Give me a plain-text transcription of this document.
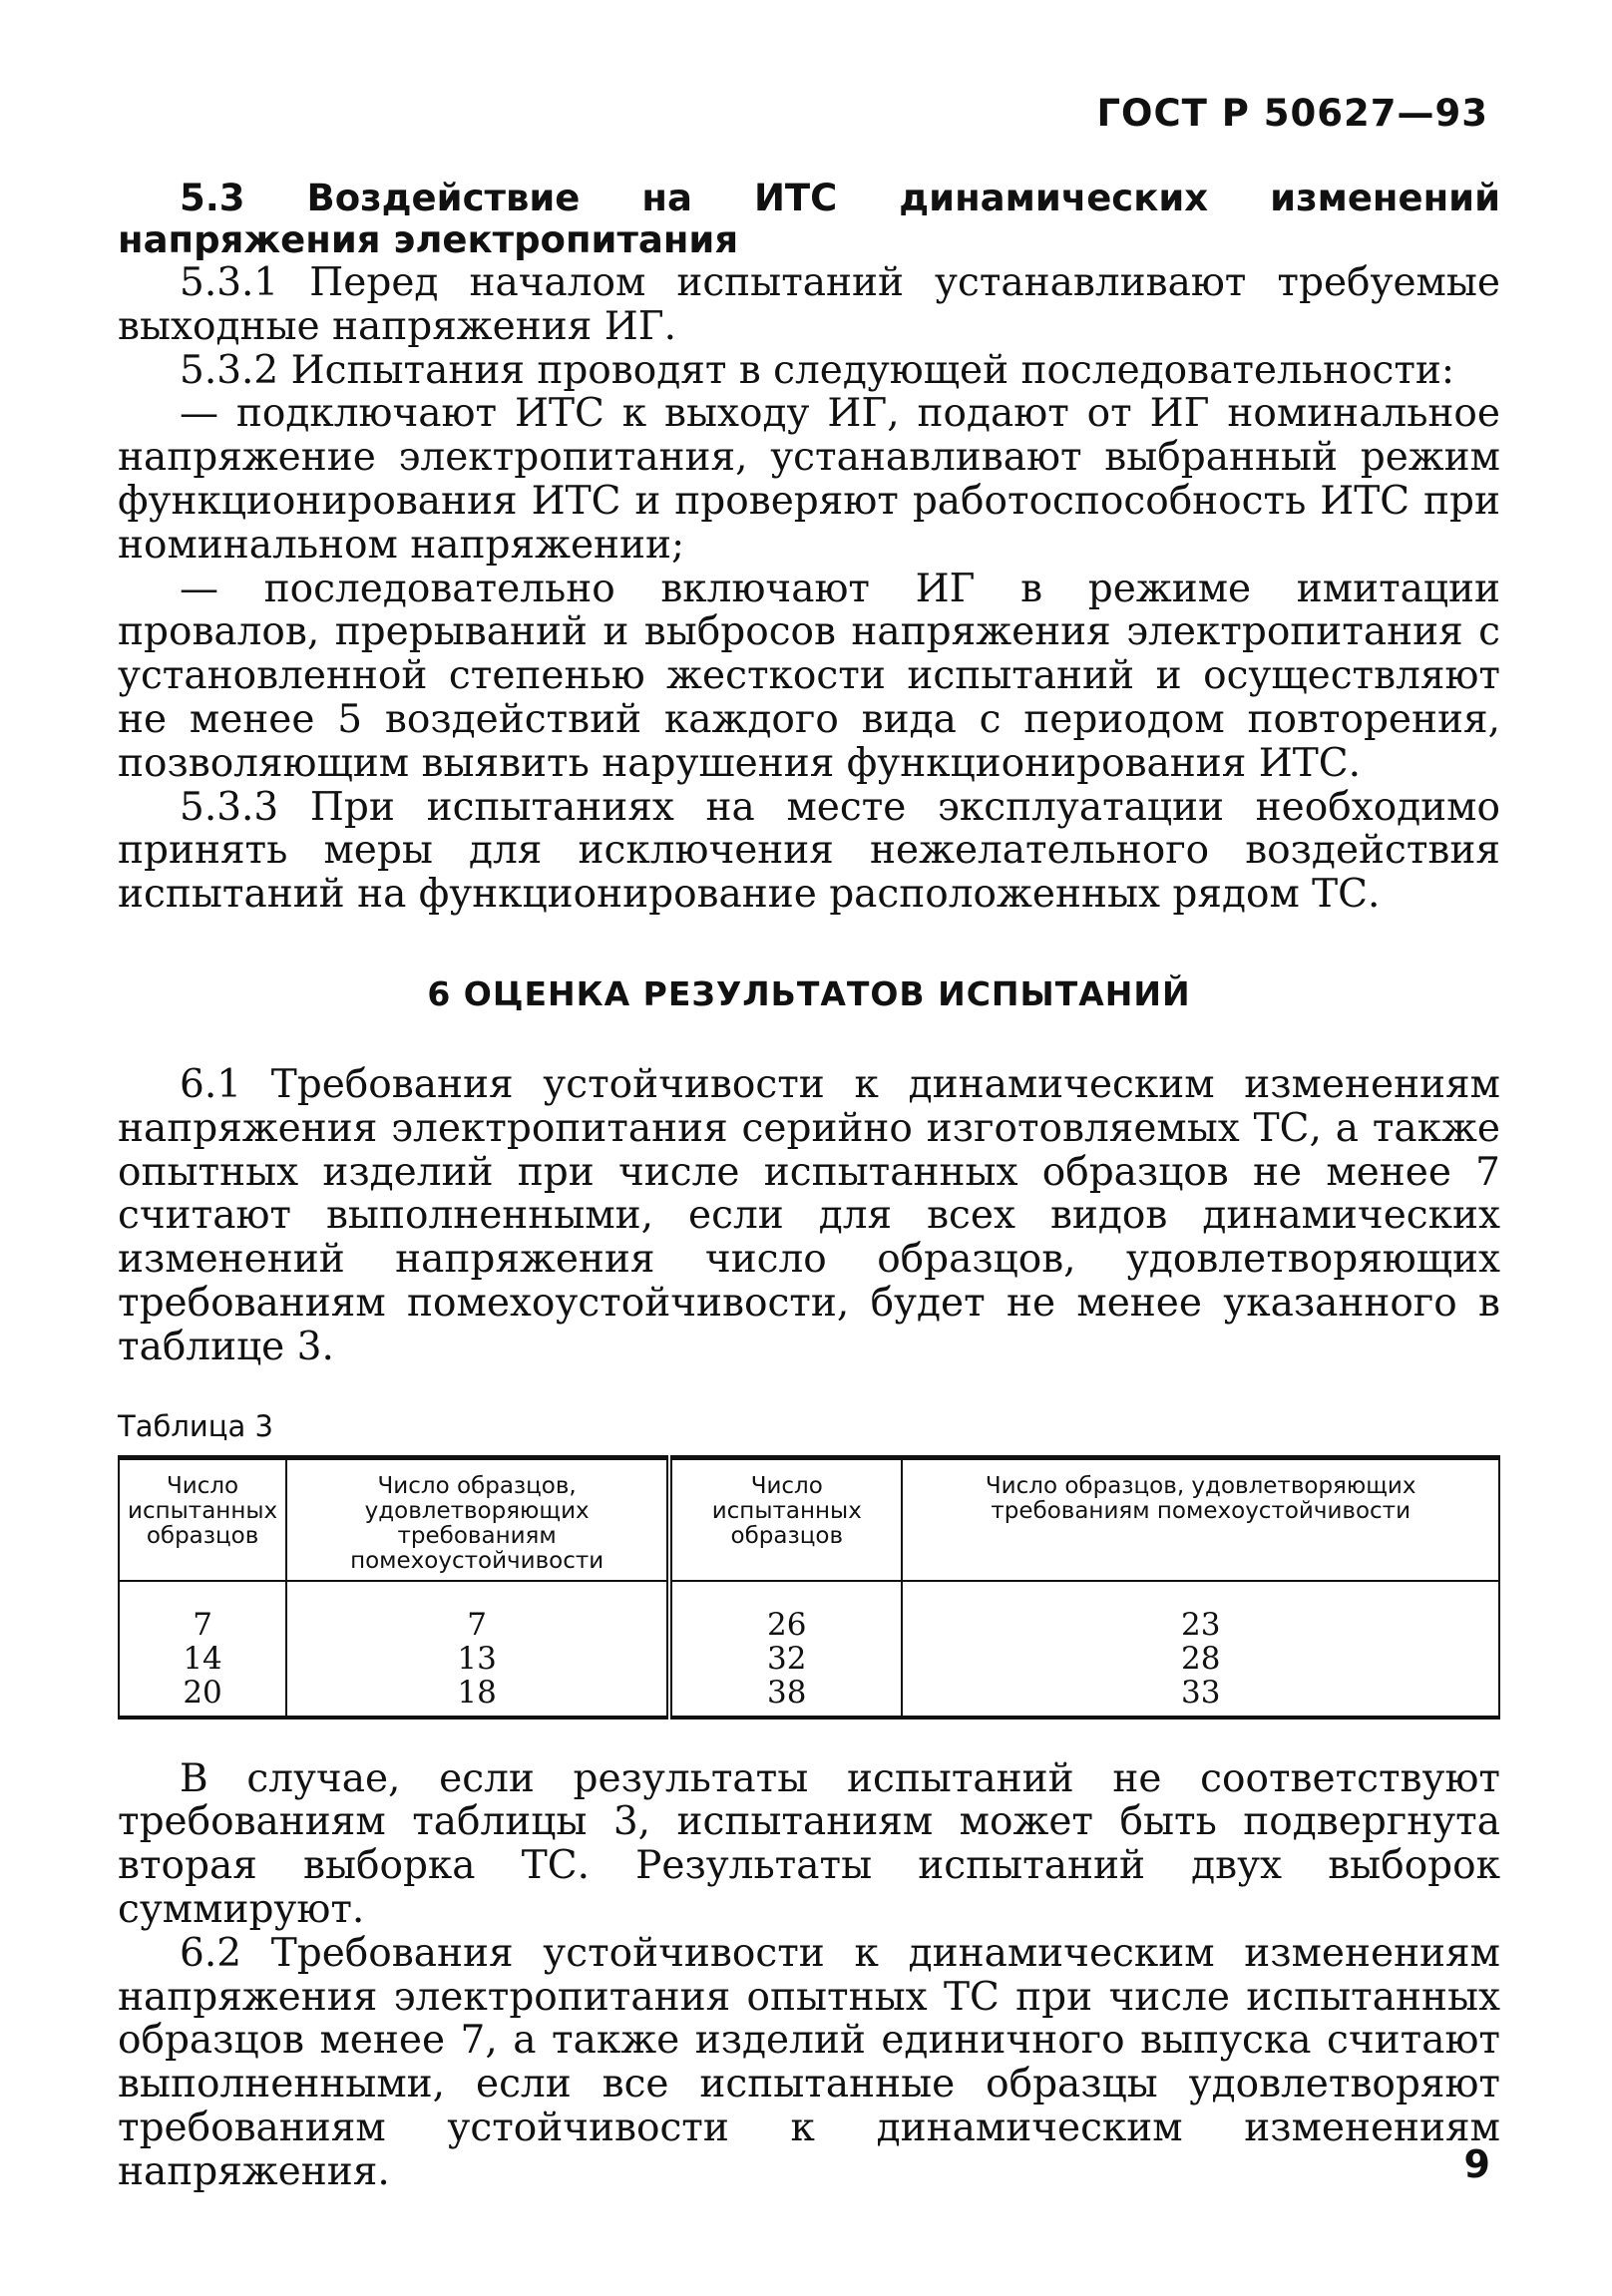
ГОСТ Р 50627—93

5.3 Воздействие на ИТС динамических изменений напряжения электропитания

5.3.1 Перед началом испытаний устанавливают требуемые выходные напряжения ИГ.

5.3.2 Испытания проводят в следующей последовательности:

— подключают ИТС к выходу ИГ, подают от ИГ номинальное напряжение электропитания, устанавливают выбранный режим функционирования ИТС и проверяют работоспособность ИТС при номинальном напряжении;

— последовательно включают ИГ в режиме имитации провалов, прерываний и выбросов напряжения электропитания с установленной степенью жесткости испытаний и осуществляют не менее 5 воздействий каждого вида с периодом повторения, позволяющим выявить нарушения функционирования ИТС.

5.3.3 При испытаниях на месте эксплуатации необходимо принять меры для исключения нежелательного воздействия испытаний на функционирование расположенных рядом ТС.

6 ОЦЕНКА РЕЗУЛЬТАТОВ ИСПЫТАНИЙ

6.1 Требования устойчивости к динамическим изменениям напряжения электропитания серийно изготовляемых ТС, а также опытных изделий при числе испытанных образцов не менее 7 считают выполненными, если для всех видов динамических изменений напряжения число образцов, удовлетворяющих требованиям помехоустойчивости, будет не менее указанного в таблице 3.

Таблица 3
Число испытанных образцов	Число образцов, удовлетворяющих требованиям помехоустойчивости	Число испытанных образцов	Число образцов, удовлетворяющих требованиям помехоустойчивости

7	7	26	23
14	13	32	28
20	18	38	33

В случае, если результаты испытаний не соответствуют требованиям таблицы 3, испытаниям может быть подвергнута вторая выборка ТС. Результаты испытаний двух выборок суммируют.

6.2 Требования устойчивости к динамическим изменениям напряжения электропитания опытных ТС при числе испытанных образцов менее 7, а также изделий единичного выпуска считают выполненными, если все испытанные образцы удовлетворяют требованиям устойчивости к динамическим изменениям напряжения.	9
